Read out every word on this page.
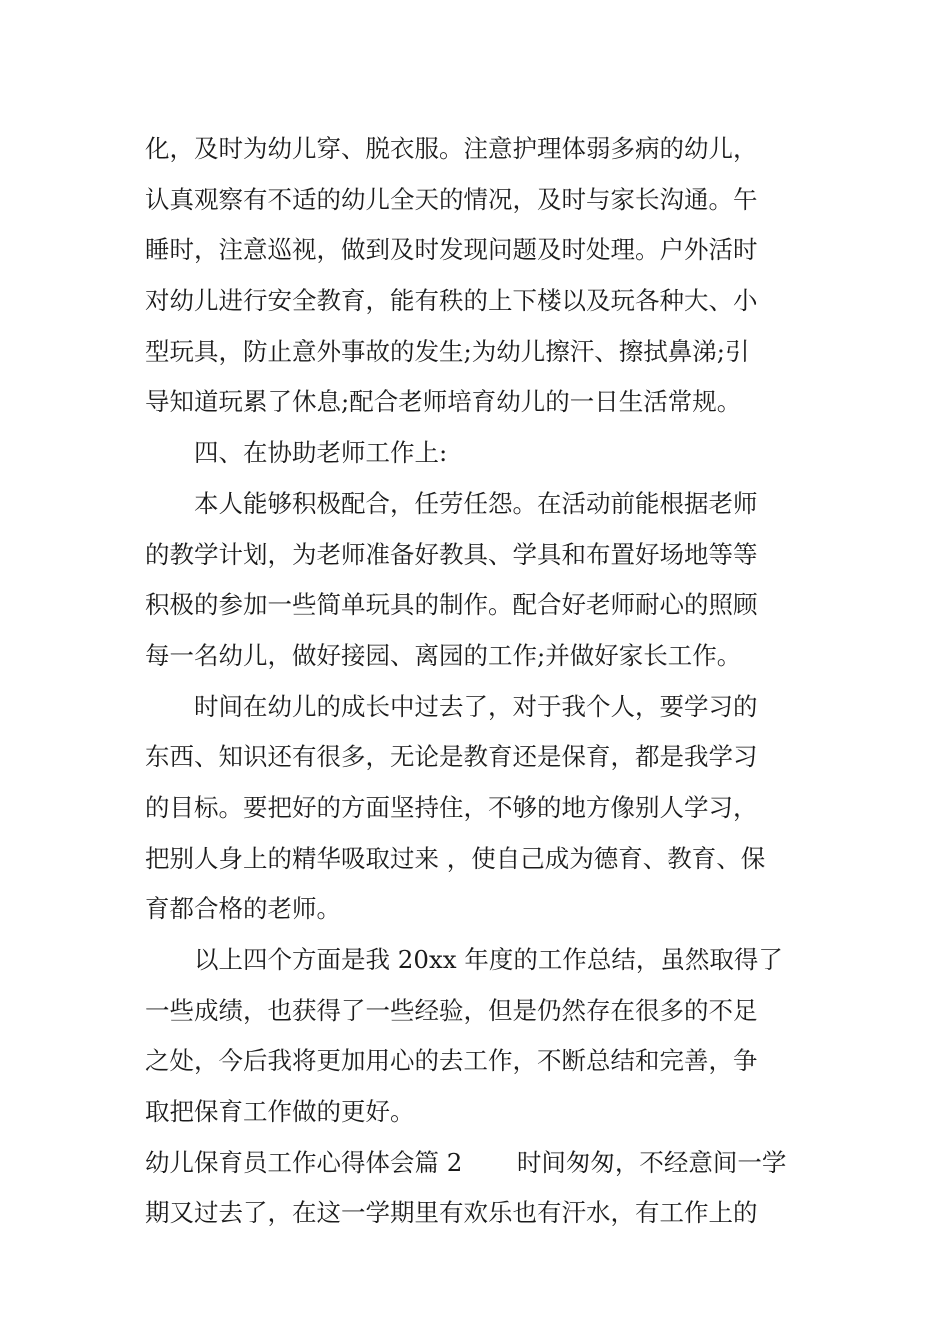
化，及时为幼儿穿、脱衣服。注意护理体弱多病的幼儿，
认真观察有不适的幼儿全天的情况，及时与家长沟通。午
睡时，注意巡视，做到及时发现问题及时处理。户外活时
对幼儿进行安全教育，能有秩的上下楼以及玩各种大、小
型玩具，防止意外事故的发生;为幼儿擦汗、擦拭鼻涕;引
导知道玩累了休息;配合老师培育幼儿的一日生活常规。
四、在协助老师工作上:
本人能够积极配合，任劳任怨。在活动前能根据老师
的教学计划，为老师准备好教具、学具和布置好场地等等
积极的参加一些简单玩具的制作。配合好老师耐心的照顾
每一名幼儿，做好接园、离园的工作;并做好家长工作。
时间在幼儿的成长中过去了，对于我个人，要学习的
东西、知识还有很多，无论是教育还是保育，都是我学习
的目标。要把好的方面坚持住，不够的地方像别人学习，
把别人身上的精华吸取过来 ，使自己成为德育、教育、保
育都合格的老师。
以上四个方面是我 20xx 年度的工作总结，虽然取得了
一些成绩，也获得了一些经验，但是仍然存在很多的不足
之处，今后我将更加用心的去工作，不断总结和完善，争
取把保育工作做的更好。
幼儿保育员工作心得体会篇 2       时间匆匆，不经意间一学
期又过去了，在这一学期里有欢乐也有汗水，有工作上的
